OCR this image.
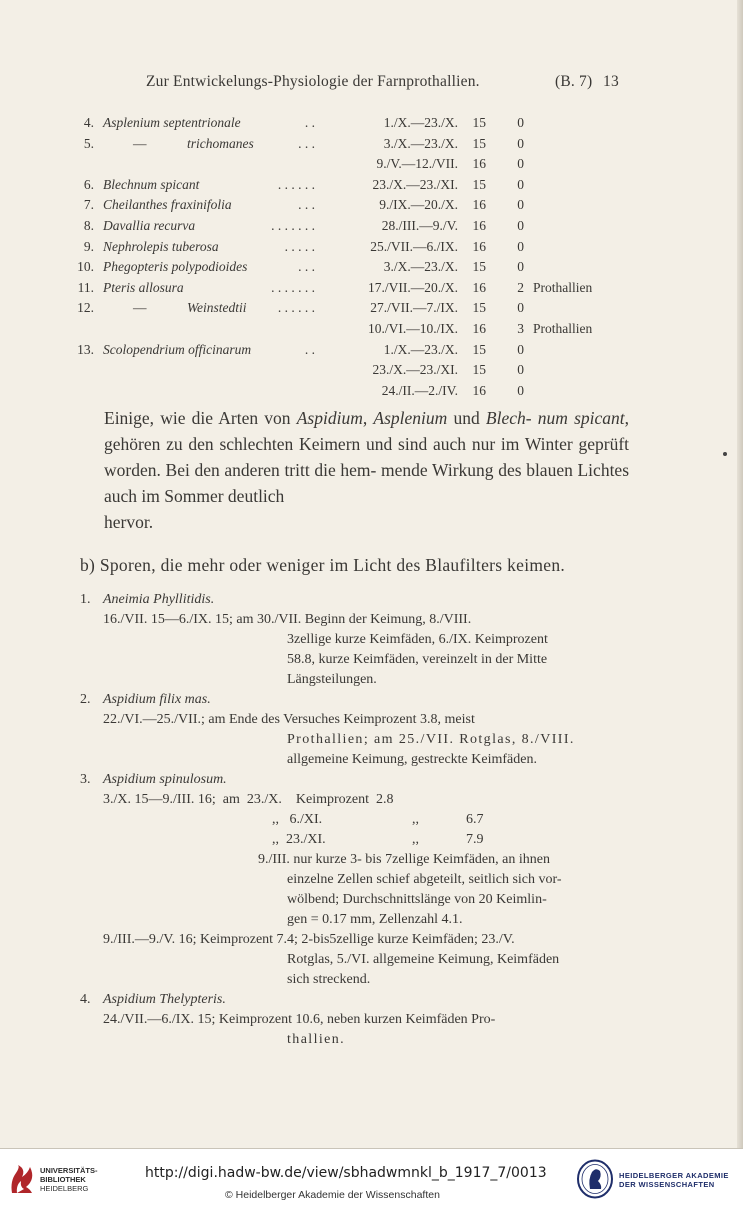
Zur Entwickelungs-Physiologie der Farnprothallien.	(B. 7) 13
4. Asplenium septentrionale	. .	1./X.—23./X.	15	0
5.	—	trichomanes	. . .	3./X.—23./X.	15	0
9./V.—12./VII.	16	0
6. Blechnum spicant	. . . . . .	23./X.—23./XI.	15	0
7. Cheilanthes fraxinifolia	. . .	9./IX.—20./X.	16	0
8. Davallia recurva	. . . . . . .	28./III.—9./V.	16	0
9. Nephrolepis tuberosa	. . . . .	25./VII.—6./IX.	16	0
10. Phegopteris polypodioides	. . .	3./X.—23./X.	15	0
11. Pteris allosura	. . . . . . .	17./VII.—20./X.	16	2 Prothallien
12.	—	Weinstedtii . . . . . .	27./VII.—7./IX.	15	0
10./VI.—10./IX.	16	3 Prothallien
13. Scolopendrium officinarum	. .	1./X.—23./X.	15	0
23./X.—23./XI.	15	0
24./II.—2./IV.	16	0

Einige, wie die Arten von Aspidium, Asplenium und Blech- num spicant, gehören zu den schlechten Keimern und sind auch nur im Winter geprüft worden. Bei den anderen tritt die hem- mende Wirkung des blauen Lichtes auch im Sommer deutlich
hervor.

b) Sporen, die mehr oder weniger im Licht des Blaufilters keimen.
1. Aneimia Phyllitidis.
16./VII. 15—6./IX. 15; am 30./VII. Beginn der Keimung, 8./VIII.
3zellige kurze Keimfäden, 6./IX. Keimprozent
58.8, kurze Keimfäden, vereinzelt in der Mitte
Längsteilungen.
2. Aspidium filix mas.
22./VI.—25./VII.; am Ende des Versuches Keimprozent 3.8, meist
Prothallien; am 25./VII. Rotglas, 8./VIII.
allgemeine Keimung, gestreckte Keimfäden.
3. Aspidium spinulosum.
3./X. 15—9./III. 16;  am  23./X.    Keimprozent  2.8
,,   6./XI.	,,	6.7
,,  23./XI.	,,	7.9
9./III. nur kurze 3- bis 7zellige Keimfäden, an ihnen
einzelne Zellen schief abgeteilt, seitlich sich vor-
wölbend; Durchschnittslänge von 20 Keimlin-
gen = 0.17 mm, Zellenzahl 4.1.
9./III.—9./V. 16; Keimprozent 7.4; 2-bis5zellige kurze Keimfäden; 23./V.
Rotglas, 5./VI. allgemeine Keimung, Keimfäden
sich streckend.
4. Aspidium Thelypteris.
24./VII.—6./IX. 15; Keimprozent 10.6, neben kurzen Keimfäden Pro-
thallien.
UNIVERSITÄTS-
BIBLIOTHEK
HEIDELBERG
http://digi.hadw-bw.de/view/sbhadwmnkl_b_1917_7/0013
© Heidelberger Akademie der Wissenschaften
HEIDELBERGER AKADEMIE
DER WISSENSCHAFTEN
